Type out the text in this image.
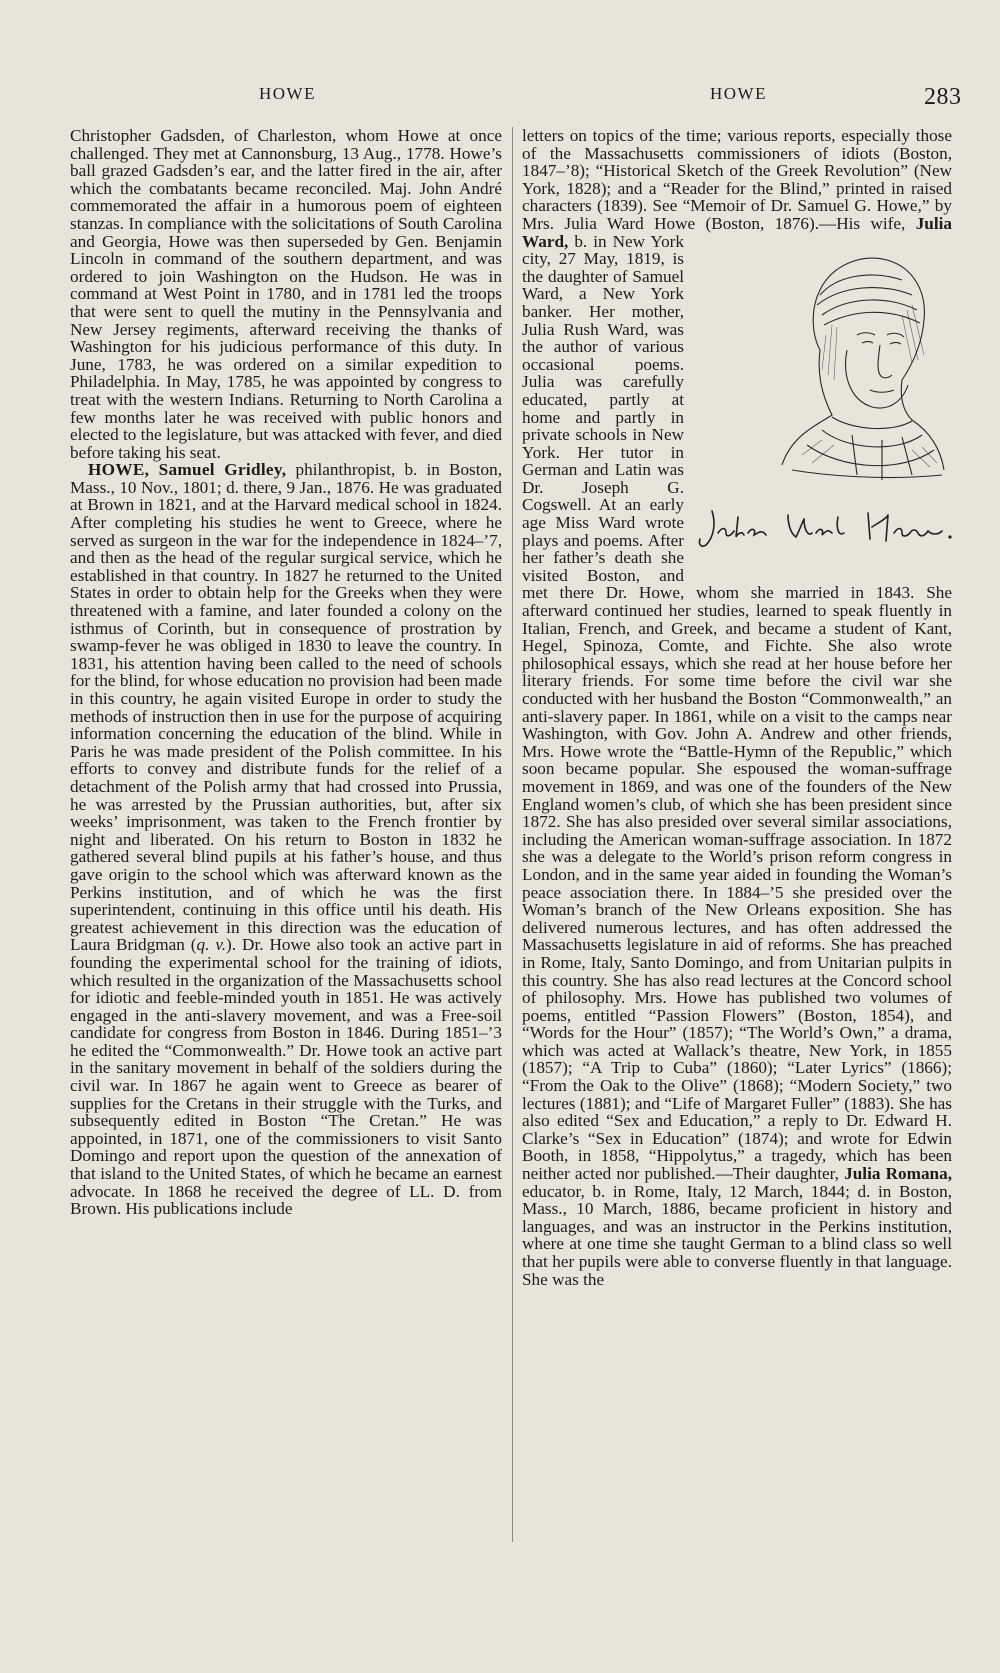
HOWE	HOWE	283

Christopher Gadsden, of Charleston, whom Howe at once challenged. They met at Cannonsburg, 13 Aug., 1778. Howe’s ball grazed Gadsden’s ear, and the latter fired in the air, after which the combatants became reconciled. Maj. John André commemorated the affair in a humorous poem of eighteen stanzas. In compliance with the solicitations of South Carolina and Georgia, Howe was then superseded by Gen. Benjamin Lincoln in command of the southern department, and was ordered to join Washington on the Hudson. He was in command at West Point in 1780, and in 1781 led the troops that were sent to quell the mutiny in the Pennsylvania and New Jersey regiments, afterward receiving the thanks of Washington for his judicious performance of this duty. In June, 1783, he was ordered on a similar expedition to Philadelphia. In May, 1785, he was appointed by congress to treat with the western Indians. Returning to North Carolina a few months later he was received with public honors and elected to the legislature, but was attacked with fever, and died before taking his seat.

HOWE, Samuel Gridley, philanthropist, b. in Boston, Mass., 10 Nov., 1801; d. there, 9 Jan., 1876. He was graduated at Brown in 1821, and at the Harvard medical school in 1824. After completing his studies he went to Greece, where he served as surgeon in the war for the independence in 1824–’7, and then as the head of the regular surgical service, which he established in that country. In 1827 he returned to the United States in order to obtain help for the Greeks when they were threatened with a famine, and later founded a colony on the isthmus of Corinth, but in consequence of prostration by swamp-fever he was obliged in 1830 to leave the country. In 1831, his attention having been called to the need of schools for the blind, for whose education no provision had been made in this country, he again visited Europe in order to study the methods of instruction then in use for the purpose of acquiring information concerning the education of the blind. While in Paris he was made president of the Polish committee. In his efforts to convey and distribute funds for the relief of a detachment of the Polish army that had crossed into Prussia, he was arrested by the Prussian authorities, but, after six weeks’ imprisonment, was taken to the French frontier by night and liberated. On his return to Boston in 1832 he gathered several blind pupils at his father’s house, and thus gave origin to the school which was afterward known as the Perkins institution, and of which he was the first superintendent, continuing in this office until his death. His greatest achievement in this direction was the education of Laura Bridgman (q. v.). Dr. Howe also took an active part in founding the experimental school for the training of idiots, which resulted in the organization of the Massachusetts school for idiotic and feeble-minded youth in 1851. He was actively engaged in the anti-slavery movement, and was a Free-soil candidate for congress from Boston in 1846. During 1851–’3 he edited the “Commonwealth.” Dr. Howe took an active part in the sanitary movement in behalf of the soldiers during the civil war. In 1867 he again went to Greece as bearer of supplies for the Cretans in their struggle with the Turks, and subsequently edited in Boston “The Cretan.” He was appointed, in 1871, one of the commissioners to visit Santo Domingo and report upon the question of the annexation of that island to the United States, of which he became an earnest advocate. In 1868 he received the degree of LL. D. from Brown. His publications include

letters on topics of the time; various reports, especially those of the Massachusetts commissioners of idiots (Boston, 1847–’8); “Historical Sketch of the Greek Revolution” (New York, 1828); and a “Reader for the Blind,” printed in raised characters (1839). See “Memoir of Dr. Samuel G. Howe,” by Mrs. Julia Ward Howe (Boston, 1876).—His wife, Julia Ward,
b. in New York city, 27 May, 1819, is the daughter of Samuel Ward, a New York banker. Her mother, Julia Rush Ward, was the author of various occasional poems. Julia was carefully educated, partly at home and partly in private schools in New York. Her tutor in German and Latin was Dr. Joseph G. Cogswell. At an early age Miss Ward wrote plays and poems. After her father’s death she visited Boston, and met there Dr. Howe, whom she married in 1843. She afterward continued her studies, learned to speak fluently in Italian, French, and Greek, and became a student of Kant, Hegel, Spinoza, Comte, and Fichte. She also wrote philosophical essays, which she read at her house before her literary friends. For some time before the civil war she conducted with her husband the Boston “Commonwealth,” an anti-slavery paper. In 1861, while on a visit to the camps near Washington, with Gov. John A. Andrew and other friends, Mrs. Howe wrote the “Battle-Hymn of the Republic,” which soon became popular. She espoused the woman-suffrage movement in 1869, and was one of the founders of the New England women’s club, of which she has been president since 1872. She has also presided over several similar associations, including the American woman-suffrage association. In 1872 she was a delegate to the World’s prison reform congress in London, and in the same year aided in founding the Woman’s peace association there. In 1884–’5 she presided over the Woman’s branch of the New Orleans exposition. She has delivered numerous lectures, and has often addressed the Massachusetts legislature in aid of reforms. She has preached in Rome, Italy, Santo Domingo, and from Unitarian pulpits in this country. She has also read lectures at the Concord school of philosophy. Mrs. Howe has published two volumes of poems, entitled “Passion Flowers” (Boston, 1854), and “Words for the Hour” (1857); “The World’s Own,” a drama, which was acted at Wallack’s theatre, New York, in 1855 (1857); “A Trip to Cuba” (1860); “Later Lyrics” (1866); “From the Oak to the Olive” (1868); “Modern Society,” two lectures (1881); and “Life of Margaret Fuller” (1883). She has also edited “Sex and Education,” a reply to Dr. Edward H. Clarke’s “Sex in Education” (1874); and wrote for Edwin Booth, in 1858, “Hippolytus,” a tragedy, which has been neither acted nor published.—Their daughter, Julia Romana, educator, b. in Rome, Italy, 12 March, 1844; d. in Boston, Mass., 10 March, 1886, became proficient in history and languages, and was an instructor in the Perkins institution, where at one time she taught German to a blind class so well that her pupils were able to converse fluently in that language. She was the
